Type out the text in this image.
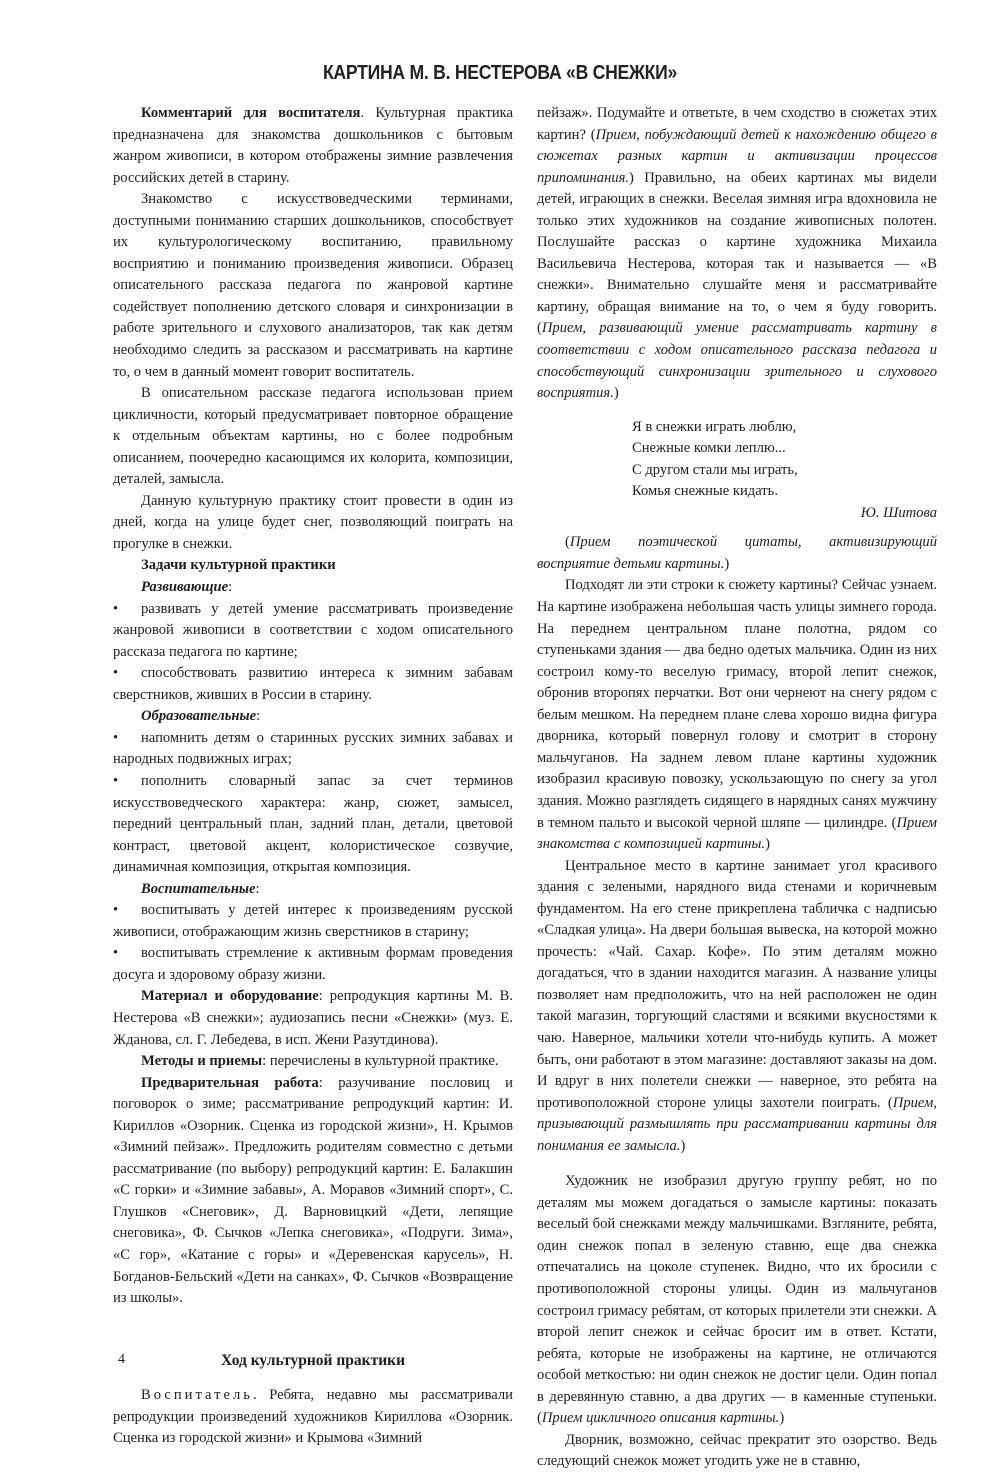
КАРТИНА М. В. НЕСТЕРОВА «В СНЕЖКИ»

Комментарий для воспитателя. Культурная практика предназначена для знакомства дошкольников с бытовым жанром живописи, в котором отображены зимние развлечения российских детей в старину.

Знакомство с искусствоведческими терминами, доступными пониманию старших дошкольников, способствует их культурологическому воспитанию, правильному восприятию и пониманию произведения живописи. Образец описательного рассказа педагога по жанровой картине содействует пополнению детского словаря и синхронизации в работе зрительного и слухового анализаторов, так как детям необходимо следить за рассказом и рассматривать на картине то, о чем в данный момент говорит воспитатель.

В описательном рассказе педагога использован прием цикличности, который предусматривает повторное обращение к отдельным объектам картины, но с более подробным описанием, поочередно касающимся их колорита, композиции, деталей, замысла.

Данную культурную практику стоит провести в один из дней, когда на улице будет снег, позволяющий поиграть на прогулке в снежки.

Задачи культурной практики

Развивающие:

• развивать у детей умение рассматривать произведение жанровой живописи в соответствии с ходом описательного рассказа педагога по картине;

• способствовать развитию интереса к зимним забавам сверстников, живших в России в старину.

Образовательные:

• напомнить детям о старинных русских зимних забавах и народных подвижных играх;

• пополнить словарный запас за счет терминов искусствоведческого характера: жанр, сюжет, замысел, передний центральный план, задний план, детали, цветовой контраст, цветовой акцент, колористическое созвучие, динамичная композиция, открытая композиция.

Воспитательные:

• воспитывать у детей интерес к произведениям русской живописи, отображающим жизнь сверстников в старину;

• воспитывать стремление к активным формам проведения досуга и здоровому образу жизни.

Материал и оборудование: репродукция картины М. В. Нестерова «В снежки»; аудиозапись песни «Снежки» (муз. Е. Жданова, сл. Г. Лебедева, в исп. Жени Разутдинова).

Методы и приемы: перечислены в культурной практике.

Предварительная работа: разучивание пословиц и поговорок о зиме; рассматривание репродукций картин: И. Кириллов «Озорник. Сценка из городской жизни», Н. Крымов «Зимний пейзаж». Предложить родителям совместно с детьми рассматривание (по выбору) репродукций картин: Е. Балакшин «С горки» и «Зимние забавы», А. Моравов «Зимний спорт», С. Глушков «Снеговик», Д. Варновицкий «Дети, лепящие снеговика», Ф. Сычков «Лепка снеговика», «Подруги. Зима», «С гор», «Катание с горы» и «Деревенская карусель», Н. Богданов-Бельский «Дети на санках», Ф. Сычков «Возвращение из школы».

Ход культурной практики

Воспитатель. Ребята, недавно мы рассматривали репродукции произведений художников Кириллова «Озорник. Сценка из городской жизни» и Крымова «Зимний

пейзаж». Подумайте и ответьте, в чем сходство в сюжетах этих картин? (Прием, побуждающий детей к нахождению общего в сюжетах разных картин и активизации процессов припоминания.) Правильно, на обеих картинах мы видели детей, играющих в снежки. Веселая зимняя игра вдохновила не только этих художников на создание живописных полотен. Послушайте рассказ о картине художника Михаила Васильевича Нестерова, которая так и называется — «В снежки». Внимательно слушайте меня и рассматривайте картину, обращая внимание на то, о чем я буду говорить. (Прием, развивающий умение рассматривать картину в соответствии с ходом описательного рассказа педагога и способствующий синхронизации зрительного и слухового восприятия.)

Я в снежки играть люблю,
Снежные комки леплю...
С другом стали мы играть,
Комья снежные кидать.
Ю. Шитова

(Прием поэтической цитаты, активизирующий восприятие детьми картины.)

Подходят ли эти строки к сюжету картины? Сейчас узнаем. На картине изображена небольшая часть улицы зимнего города. На переднем центральном плане полотна, рядом со ступеньками здания — два бедно одетых мальчика. Один из них состроил кому-то веселую гримасу, второй лепит снежок, обронив второпях перчатки. Вот они чернеют на снегу рядом с белым мешком. На переднем плане слева хорошо видна фигура дворника, который повернул голову и смотрит в сторону мальчуганов. На заднем левом плане картины художник изобразил красивую повозку, ускользающую по снегу за угол здания. Можно разглядеть сидящего в нарядных санях мужчину в темном пальто и высокой черной шляпе — цилиндре. (Прием знакомства с композицией картины.)

Центральное место в картине занимает угол красивого здания с зелеными, нарядного вида стенами и коричневым фундаментом. На его стене прикреплена табличка с надписью «Сладкая улица». На двери большая вывеска, на которой можно прочесть: «Чай. Сахар. Кофе». По этим деталям можно догадаться, что в здании находится магазин. А название улицы позволяет нам предположить, что на ней расположен не один такой магазин, торгующий сластями и всякими вкусностями к чаю. Наверное, мальчики хотели что-нибудь купить. А может быть, они работают в этом магазине: доставляют заказы на дом. И вдруг в них полетели снежки — наверное, это ребята на противоположной стороне улицы захотели поиграть. (Прием, призывающий размышлять при рассматривании картины для понимания ее замысла.)

Художник не изобразил другую группу ребят, но по деталям мы можем догадаться о замысле картины: показать веселый бой снежками между мальчишками. Взгляните, ребята, один снежок попал в зеленую ставню, еще два снежка отпечатались на цоколе ступенек. Видно, что их бросили с противоположной стороны улицы. Один из мальчуганов состроил гримасу ребятам, от которых прилетели эти снежки. А второй лепит снежок и сейчас бросит им в ответ. Кстати, ребята, которые не изображены на картине, не отличаются особой меткостью: ни один снежок не достиг цели. Один попал в деревянную ставню, а два других — в каменные ступеньки. (Прием цикличного описания картины.)

Дворник, возможно, сейчас прекратит это озорство. Ведь следующий снежок может угодить уже не в ставню,

4
